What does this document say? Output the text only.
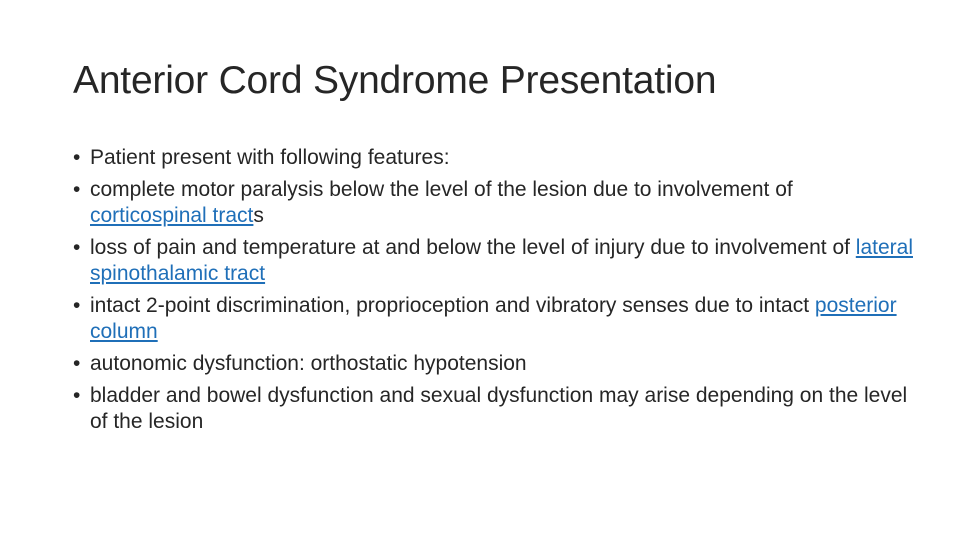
Anterior Cord Syndrome Presentation
• Patient present with following features:
• complete motor paralysis below the level of the lesion due to involvement of corticospinal tracts
• loss of pain and temperature at and below the level of injury due to involvement of lateral spinothalamic tract
• intact 2-point discrimination, proprioception and vibratory senses due to intact posterior column
• autonomic dysfunction: orthostatic hypotension
• bladder and bowel dysfunction and sexual dysfunction may arise depending on the level of the lesion
